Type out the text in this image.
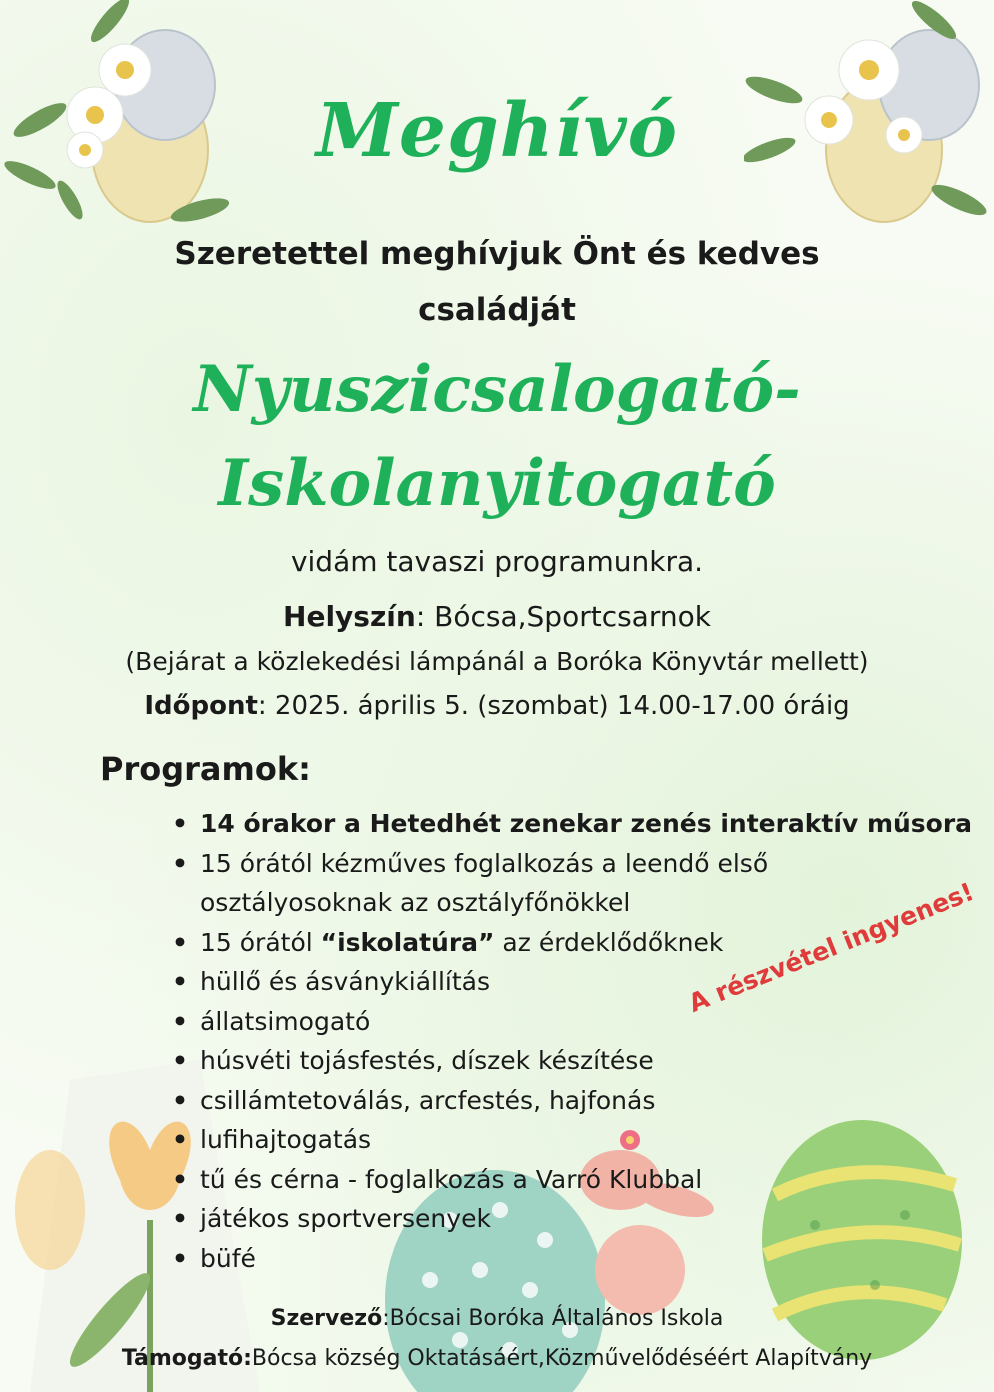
Meghívó
Szeretettel meghívjuk Önt és kedves
családját
Nyuszicsalogató-
Iskolanyitogató
vidám tavaszi programunkra.
Helyszín: Bócsa,Sportcsarnok
(Bejárat a közlekedési lámpánál a Boróka Könyvtár mellett)
Időpont: 2025. április 5. (szombat) 14.00-17.00 óráig
Programok:
• 14 órakor a Hetedhét zenekar zenés interaktív műsora
• 15 órától kézműves foglalkozás a leendő első osztályosoknak az osztályfőnökkel
• 15 órától “iskolatúra” az érdeklődőknek
• hüllő és ásványkiállítás
• állatsimogató
• húsvéti tojásfestés, díszek készítése
• csillámtetoválás, arcfestés, hajfonás
• lufihajtogatás
• tű és cérna - foglalkozás a Varró Klubbal
• játékos sportversenyek
• büfé
A részvétel ingyenes!
Szervező:Bócsai Boróka Általános Iskola
Támogató:Bócsa község Oktatásáért,Közművelődéséért Alapítvány
